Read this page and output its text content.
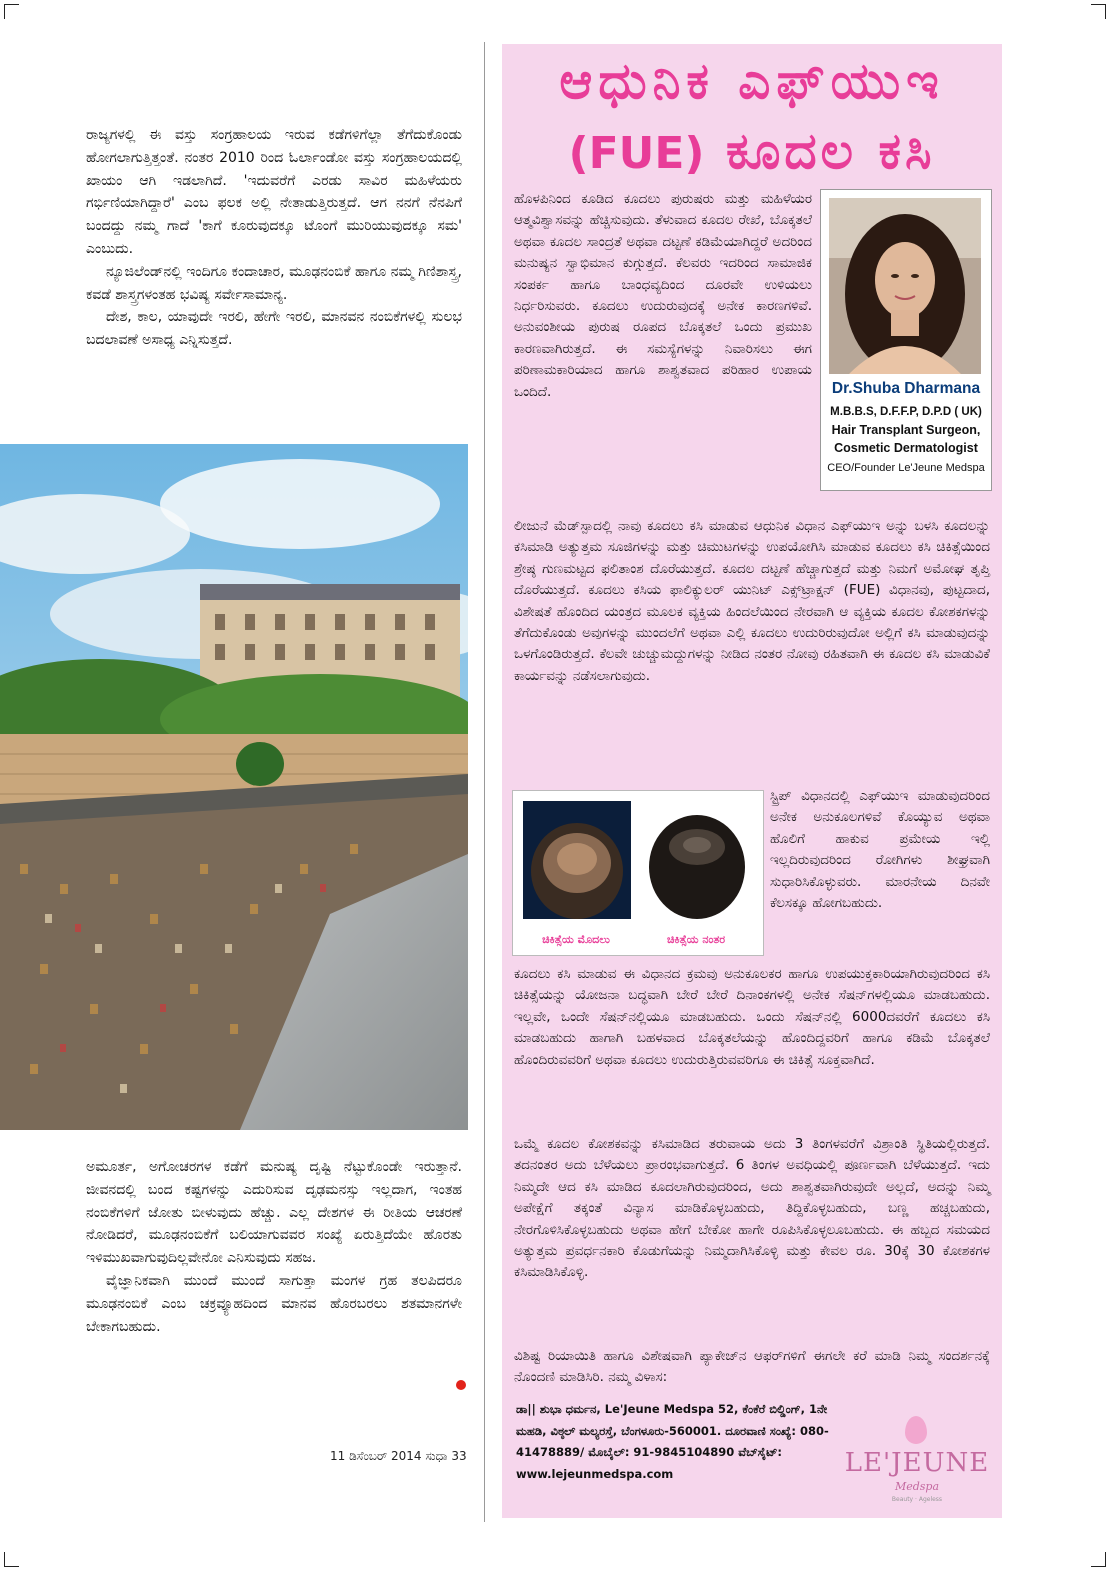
ರಾಜ್ಯಗಳಲ್ಲಿ ಈ ವಸ್ತು ಸಂಗ್ರಹಾಲಯ ಇರುವ ಕಡೆಗಳಿಗೆಲ್ಲಾ ತೆಗೆದುಕೊಂಡು ಹೋಗಲಾಗುತ್ತಿತ್ತಂತೆ. ನಂತರ 2010 ರಿಂದ ಓರ್ಲಾಂಡೋ ವಸ್ತು ಸಂಗ್ರಹಾಲಯದಲ್ಲಿ ಖಾಯಂ ಆಗಿ ಇಡಲಾಗಿದೆ. 'ಇದುವರೆಗೆ ಎರಡು ಸಾವಿರ ಮಹಿಳೆಯರು ಗರ್ಭಿಣಿಯಾಗಿದ್ದಾರೆ' ಎಂಬ ಫಲಕ ಅಲ್ಲಿ ನೇತಾಡುತ್ತಿರುತ್ತದೆ. ಆಗ ನನಗೆ ನೆನಪಿಗೆ ಬಂದದ್ದು ನಮ್ಮ ಗಾದೆ 'ಕಾಗೆ ಕೂರುವುದಕ್ಕೂ ಟೊಂಗೆ ಮುರಿಯುವುದಕ್ಕೂ ಸಮ' ಎಂಬುದು.

ನ್ಯೂಜಿಲೆಂಡ್‌ನಲ್ಲಿ ಇಂದಿಗೂ ಕಂದಾಚಾರ, ಮೂಢನಂಬಿಕೆ ಹಾಗೂ ನಮ್ಮ ಗಿಣಿಶಾಸ್ತ್ರ, ಕವಡೆ ಶಾಸ್ತ್ರಗಳಂತಹ ಭವಿಷ್ಯ ಸರ್ವೇಸಾಮಾನ್ಯ.

ದೇಶ, ಕಾಲ, ಯಾವುದೇ ಇರಲಿ, ಹೇಗೇ ಇರಲಿ, ಮಾನವನ ನಂಬಿಕೆಗಳಲ್ಲಿ ಸುಲಭ ಬದಲಾವಣೆ ಅಸಾಧ್ಯ ಎನ್ನಿಸುತ್ತದೆ.

ಅಮೂರ್ತ, ಅಗೋಚರಗಳ ಕಡೆಗೆ ಮನುಷ್ಯ ದೃಷ್ಟಿ ನೆಟ್ಟುಕೊಂಡೇ ಇರುತ್ತಾನೆ. ಜೀವನದಲ್ಲಿ ಬಂದ ಕಷ್ಟಗಳನ್ನು ಎದುರಿಸುವ ದೃಢಮನಸ್ಸು ಇಲ್ಲದಾಗ, ಇಂತಹ ನಂಬಿಕೆಗಳಿಗೆ ಜೋತು ಬೀಳುವುದು ಹೆಚ್ಚು. ಎಲ್ಲ ದೇಶಗಳ ಈ ರೀತಿಯ ಆಚರಣೆ ನೋಡಿದರೆ, ಮೂಢನಂಬಿಕೆಗೆ ಬಲಿಯಾಗುವವರ ಸಂಖ್ಯೆ ಏರುತ್ತಿದೆಯೇ ಹೊರತು ಇಳಿಮುಖವಾಗುವುದಿಲ್ಲವೇನೋ ಎನಿಸುವುದು ಸಹಜ.

ವೈಜ್ಞಾನಿಕವಾಗಿ ಮುಂದೆ ಮುಂದೆ ಸಾಗುತ್ತಾ ಮಂಗಳ ಗ್ರಹ ತಲಪಿದರೂ ಮೂಢನಂಬಿಕೆ ಎಂಬ ಚಕ್ರವ್ಯೂಹದಿಂದ ಮಾನವ ಹೊರಬರಲು ಶತಮಾನಗಳೇ ಬೇಕಾಗಬಹುದು.

11 ಡಿಸೆಂಬರ್ 2014 ಸುಧಾ 33
ಆಧುನಿಕ ಎಫ್‌ಯುಇ
(FUE) ಕೂದಲ ಕಸಿ
ಹೊಳಪಿನಿಂದ ಕೂಡಿದ ಕೂದಲು ಪುರುಷರು ಮತ್ತು ಮಹಿಳೆಯರ ಆತ್ಮವಿಶ್ವಾಸವನ್ನು ಹೆಚ್ಚಿಸುವುದು. ತೆಳುವಾದ ಕೂದಲ ರೇಖೆ, ಬೊಕ್ಕತಲೆ ಅಥವಾ ಕೂದಲ ಸಾಂದ್ರತೆ ಅಥವಾ ದಟ್ಟಣೆ ಕಡಿಮೆಯಾಗಿದ್ದರೆ ಅದರಿಂದ ಮನುಷ್ಯನ ಸ್ವಾಭಿಮಾನ ಕುಗ್ಗುತ್ತದೆ. ಕೆಲವರು ಇದರಿಂದ ಸಾಮಾಜಿಕ ಸಂಪರ್ಕ ಹಾಗೂ ಬಾಂಧವ್ಯದಿಂದ ದೂರವೇ ಉಳಿಯಲು ನಿರ್ಧರಿಸುವರು. ಕೂದಲು ಉದುರುವುದಕ್ಕೆ ಅನೇಕ ಕಾರಣಗಳಿವೆ. ಅನುವಂಶೀಯ ಪುರುಷ ರೂಪದ ಬೊಕ್ಕತಲೆ ಒಂದು ಪ್ರಮುಖ ಕಾರಣವಾಗಿರುತ್ತದೆ. ಈ ಸಮಸ್ಯೆಗಳನ್ನು ನಿವಾರಿಸಲು ಈಗ ಪರಿಣಾಮಕಾರಿಯಾದ ಹಾಗೂ ಶಾಶ್ವತವಾದ ಪರಿಹಾರ ಉಪಾಯ ಒಂದಿದೆ.	Dr.Shuba Dharmana
M.B.B.S, D.F.F.P, D.P.D ( UK)
Hair Transplant Surgeon,
Cosmetic Dermatologist
CEO/Founder Le'Jeune Medspa
ಲೀಜುನೆ ಮೆಡ್‌ಸ್ಪಾದಲ್ಲಿ ನಾವು ಕೂದಲು ಕಸಿ ಮಾಡುವ ಆಧುನಿಕ ವಿಧಾನ ಎಫ್‌ಯುಇ ಅನ್ನು ಬಳಸಿ ಕೂದಲನ್ನು ಕಸಿಮಾಡಿ ಅತ್ಯುತ್ತಮ ಸೂಜಿಗಳನ್ನು ಮತ್ತು ಚಿಮುಟಗಳನ್ನು ಉಪಯೋಗಿಸಿ ಮಾಡುವ ಕೂದಲು ಕಸಿ ಚಿಕಿತ್ಸೆಯಿಂದ ಶ್ರೇಷ್ಠ ಗುಣಮಟ್ಟದ ಫಲಿತಾಂಶ ದೊರೆಯುತ್ತದೆ. ಕೂದಲ ದಟ್ಟಣೆ ಹೆಚ್ಚಾಗುತ್ತದೆ ಮತ್ತು ನಿಮಗೆ ಅಮೋಘ ತೃಪ್ತಿ ದೊರೆಯುತ್ತದೆ. ಕೂದಲು ಕಸಿಯ ಫಾಲಿಕ್ಯುಲರ್ ಯುನಿಟ್ ಎಕ್ಸ್‌ಟ್ರಾಕ್ಷನ್ (FUE) ವಿಧಾನವು, ಪುಟ್ಟದಾದ, ವಿಶೇಷತೆ ಹೊಂದಿದ ಯಂತ್ರದ ಮೂಲಕ ವ್ಯಕ್ತಿಯ ಹಿಂದಲೆಯಿಂದ ನೇರವಾಗಿ ಆ ವ್ಯಕ್ತಿಯ ಕೂದಲ ಕೋಶಕಗಳನ್ನು ತೆಗೆದುಕೊಂಡು ಅವುಗಳನ್ನು ಮುಂದಲೆಗೆ ಅಥವಾ ಎಲ್ಲಿ ಕೂದಲು ಉದುರಿರುವುದೋ ಅಲ್ಲಿಗೆ ಕಸಿ ಮಾಡುವುದನ್ನು ಒಳಗೊಂಡಿರುತ್ತದೆ. ಕೆಲವೇ ಚುಚ್ಚುಮದ್ದುಗಳನ್ನು ನೀಡಿದ ನಂತರ ನೋವು ರಹಿತವಾಗಿ ಈ ಕೂದಲ ಕಸಿ ಮಾಡುವಿಕೆ ಕಾರ್ಯವನ್ನು ನಡೆಸಲಾಗುವುದು.
ಚಿಕಿತ್ಸೆಯ ಮೊದಲು	ಚಿಕಿತ್ಸೆಯ ನಂತರ
ಸ್ಟ್ರಿಪ್ ವಿಧಾನದಲ್ಲಿ ಎಫ್‌ಯುಇ ಮಾಡುವುದರಿಂದ ಅನೇಕ ಅನುಕೂಲಗಳಿವೆ ಕೊಯ್ಯುವ ಅಥವಾ ಹೊಲಿಗೆ ಹಾಕುವ ಪ್ರಮೇಯ ಇಲ್ಲಿ ಇಲ್ಲದಿರುವುದರಿಂದ ರೋಗಿಗಳು ಶೀಘ್ರವಾಗಿ ಸುಧಾರಿಸಿಕೊಳ್ಳುವರು. ಮಾರನೇಯ ದಿನವೇ ಕೆಲಸಕ್ಕೂ ಹೋಗಬಹುದು.
ಕೂದಲು ಕಸಿ ಮಾಡುವ ಈ ವಿಧಾನದ ಕ್ರಮವು ಅನುಕೂಲಕರ ಹಾಗೂ ಉಪಯುಕ್ತಕಾರಿಯಾಗಿರುವುದರಿಂದ ಕಸಿ ಚಿಕಿತ್ಸೆಯನ್ನು ಯೋಜನಾ ಬದ್ಧವಾಗಿ ಬೇರೆ ಬೇರೆ ದಿನಾಂಕಗಳಲ್ಲಿ ಅನೇಕ ಸೆಷನ್‌ಗಳಲ್ಲಿಯೂ ಮಾಡಬಹುದು. ಇಲ್ಲವೇ, ಒಂದೇ ಸೆಷನ್‌ನಲ್ಲಿಯೂ ಮಾಡಬಹುದು. ಒಂದು ಸೆಷನ್‌ನಲ್ಲಿ 6000ದವರೆಗೆ ಕೂದಲು ಕಸಿ ಮಾಡಬಹುದು ಹಾಗಾಗಿ ಬಹಳವಾದ ಬೊಕ್ಕತಲೆಯನ್ನು ಹೊಂದಿದ್ದವರಿಗೆ ಹಾಗೂ ಕಡಿಮೆ ಬೊಕ್ಕತಲೆ ಹೊಂದಿರುವವರಿಗೆ ಅಥವಾ ಕೂದಲು ಉದುರುತ್ತಿರುವವರಿಗೂ ಈ ಚಿಕಿತ್ಸೆ ಸೂಕ್ತವಾಗಿದೆ.
ಒಮ್ಮೆ ಕೂದಲ ಕೋಶಕವನ್ನು ಕಸಿಮಾಡಿದ ತರುವಾಯ ಅದು 3 ತಿಂಗಳವರೆಗೆ ವಿಶ್ರಾಂತಿ ಸ್ಥಿತಿಯಲ್ಲಿರುತ್ತದೆ. ತದನಂತರ ಅದು ಬೆಳೆಯಲು ಪ್ರಾರಂಭವಾಗುತ್ತದೆ. 6 ತಿಂಗಳ ಅವಧಿಯಲ್ಲಿ ಪೂರ್ಣವಾಗಿ ಬೆಳೆಯುತ್ತದೆ. ಇದು ನಿಮ್ಮದೇ ಆದ ಕಸಿ ಮಾಡಿದ ಕೂದಲಾಗಿರುವುದರಿಂದ, ಅದು ಶಾಶ್ವತವಾಗಿರುವುದೇ ಅಲ್ಲದೆ, ಅದನ್ನು ನಿಮ್ಮ ಅಪೇಕ್ಷೆಗೆ ತಕ್ಕಂತೆ ವಿನ್ಯಾಸ ಮಾಡಿಕೊಳ್ಳಬಹುದು, ತಿದ್ದಿಕೊಳ್ಳಬಹುದು, ಬಣ್ಣ ಹಚ್ಚಬಹುದು, ನೇರಗೊಳಿಸಿಕೊಳ್ಳಬಹುದು ಅಥವಾ ಹೇಗೆ ಬೇಕೋ ಹಾಗೇ ರೂಪಿಸಿಕೊಳ್ಳಲೂಬಹುದು. ಈ ಹಬ್ಬದ ಸಮಯದ ಅತ್ಯುತ್ತಮ ಪ್ರವರ್ಧನಕಾರಿ ಕೊಡುಗೆಯನ್ನು ನಿಮ್ಮದಾಗಿಸಿಕೊಳ್ಳಿ ಮತ್ತು ಕೇವಲ ರೂ. 30ಕ್ಕೆ 30 ಕೋಶಕಗಳ ಕಸಿಮಾಡಿಸಿಕೊಳ್ಳಿ.
ವಿಶಿಷ್ಟ ರಿಯಾಯಿತಿ ಹಾಗೂ ವಿಶೇಷವಾಗಿ ಪ್ಯಾಕೇಜ್‌ನ ಆಫರ್‌ಗಳಿಗೆ ಈಗಲೇ ಕರೆ ಮಾಡಿ ನಿಮ್ಮ ಸಂದರ್ಶನಕ್ಕೆ ನೊಂದಣಿ ಮಾಡಿಸಿರಿ. ನಮ್ಮ ವಿಳಾಸ:
ಡಾ|| ಶುಭಾ ಧರ್ಮನ, Le'Jeune Medspa 52, ಕೆಂಕೆರೆ ಬಿಲ್ಡಿಂಗ್, 1ನೇ ಮಹಡಿ, ವಿಠ್ಠಲ್ ಮಲ್ಯರಸ್ತೆ, ಬೆಂಗಳೂರು-560001. ದೂರವಾಣಿ ಸಂಖ್ಯೆ: 080-41478889/ ಮೊಬೈಲ್: 91-9845104890 ವೆಬ್‌ಸೈಟ್: www.lejeunmedspa.com	LE'JEUNE
Medspa
Beauty · Ageless
